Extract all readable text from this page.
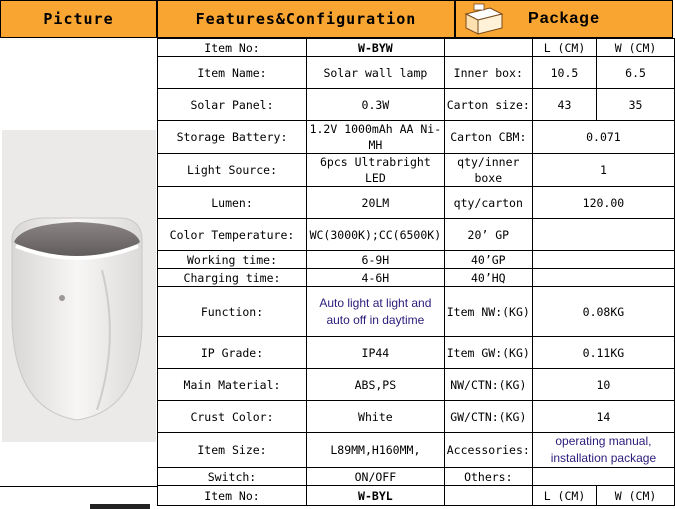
Picture	Features&Configuration	Package
Item No:	W-BYW		L (CM)	W (CM)
Item Name:	Solar wall lamp	Inner box:	10.5	6.5
Solar Panel:	0.3W	Carton size:	43	35
Storage Battery:	1.2V 1000mAh AA Ni-MH	Carton CBM:	0.071	
Light Source:	6pcs Ultrabright LED	qty/inner boxe	1	
Lumen:	20LM	qty/carton	120.00	
Color Temperature:	WC(3000K);CC(6500K)	20’ GP		
Working time:	6-9H	40’GP		
Charging time:	4-6H	40’HQ		
Function:	Auto light at light and auto off in daytime	Item NW:(KG)	0.08KG	
IP Grade:	IP44	Item GW:(KG)	0.11KG	
Main Material:	ABS,PS	NW/CTN:(KG)	10	
Crust Color:	White	GW/CTN:(KG)	14	
Item Size:	L89MM,H160MM,	Accessories:	operating manual, installation package	
Switch:	ON/OFF	Others:		
Item No:	W-BYL		L (CM)	W (CM)
